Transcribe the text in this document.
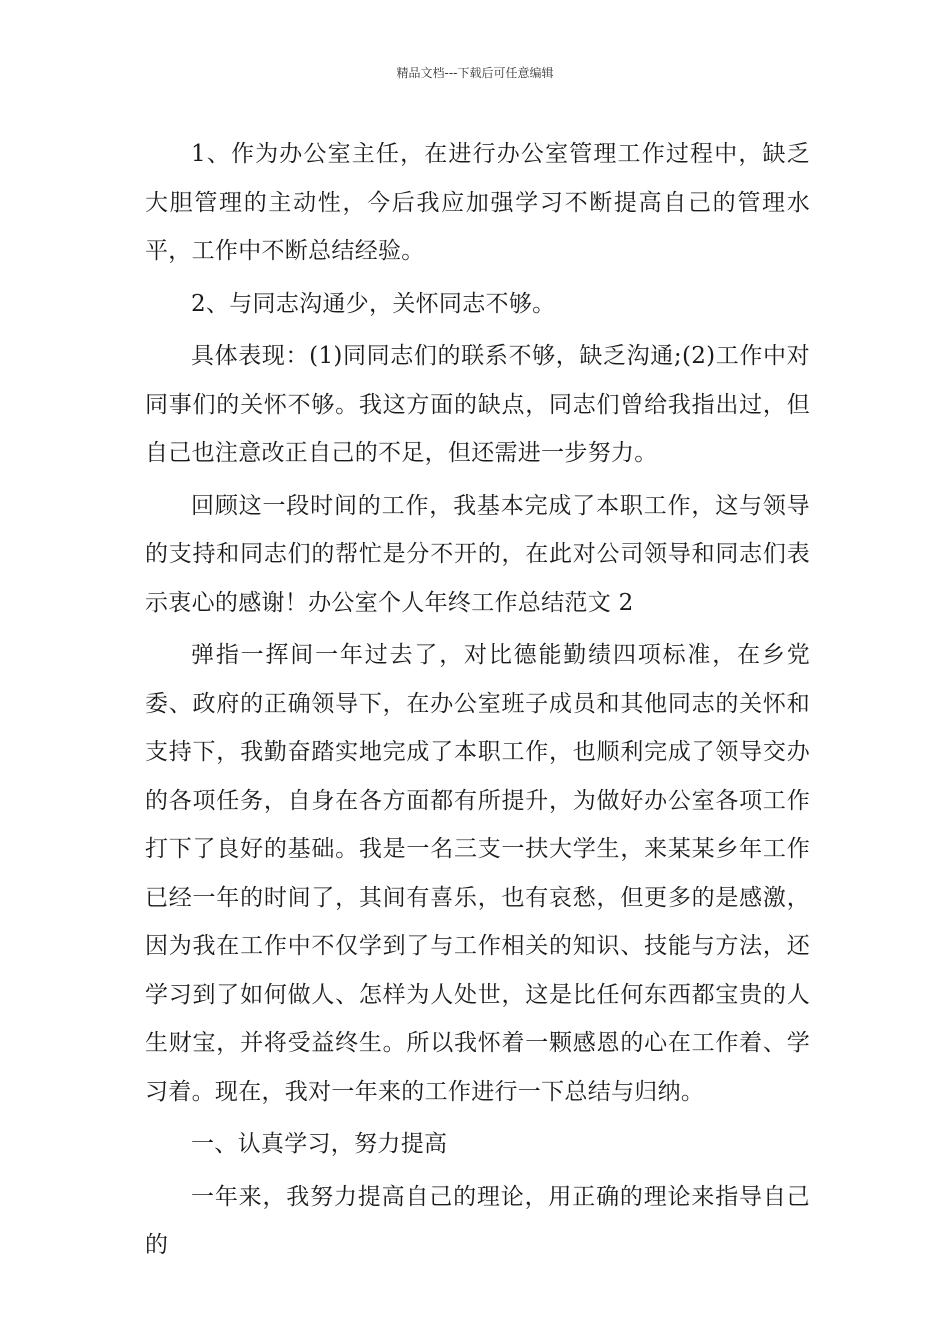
精品文档---下载后可任意编辑

1、作为办公室主任，在进行办公室管理工作过程中，缺乏大胆管理的主动性，今后我应加强学习不断提高自己的管理水平，工作中不断总结经验。

2、与同志沟通少，关怀同志不够。

具体表现：(1)同同志们的联系不够，缺乏沟通;(2)工作中对同事们的关怀不够。我这方面的缺点，同志们曾给我指出过，但自己也注意改正自己的不足，但还需进一步努力。

回顾这一段时间的工作，我基本完成了本职工作，这与领导的支持和同志们的帮忙是分不开的，在此对公司领导和同志们表示衷心的感谢！办公室个人年终工作总结范文 2

弹指一挥间一年过去了，对比德能勤绩四项标准，在乡党委、政府的正确领导下，在办公室班子成员和其他同志的关怀和支持下，我勤奋踏实地完成了本职工作，也顺利完成了领导交办的各项任务，自身在各方面都有所提升，为做好办公室各项工作打下了良好的基础。我是一名三支一扶大学生，来某某乡年工作已经一年的时间了，其间有喜乐，也有哀愁，但更多的是感激，因为我在工作中不仅学到了与工作相关的知识、技能与方法，还学习到了如何做人、怎样为人处世，这是比任何东西都宝贵的人生财宝，并将受益终生。所以我怀着一颗感恩的心在工作着、学习着。现在，我对一年来的工作进行一下总结与归纳。

一、认真学习，努力提高

一年来，我努力提高自己的理论，用正确的理论来指导自己的
